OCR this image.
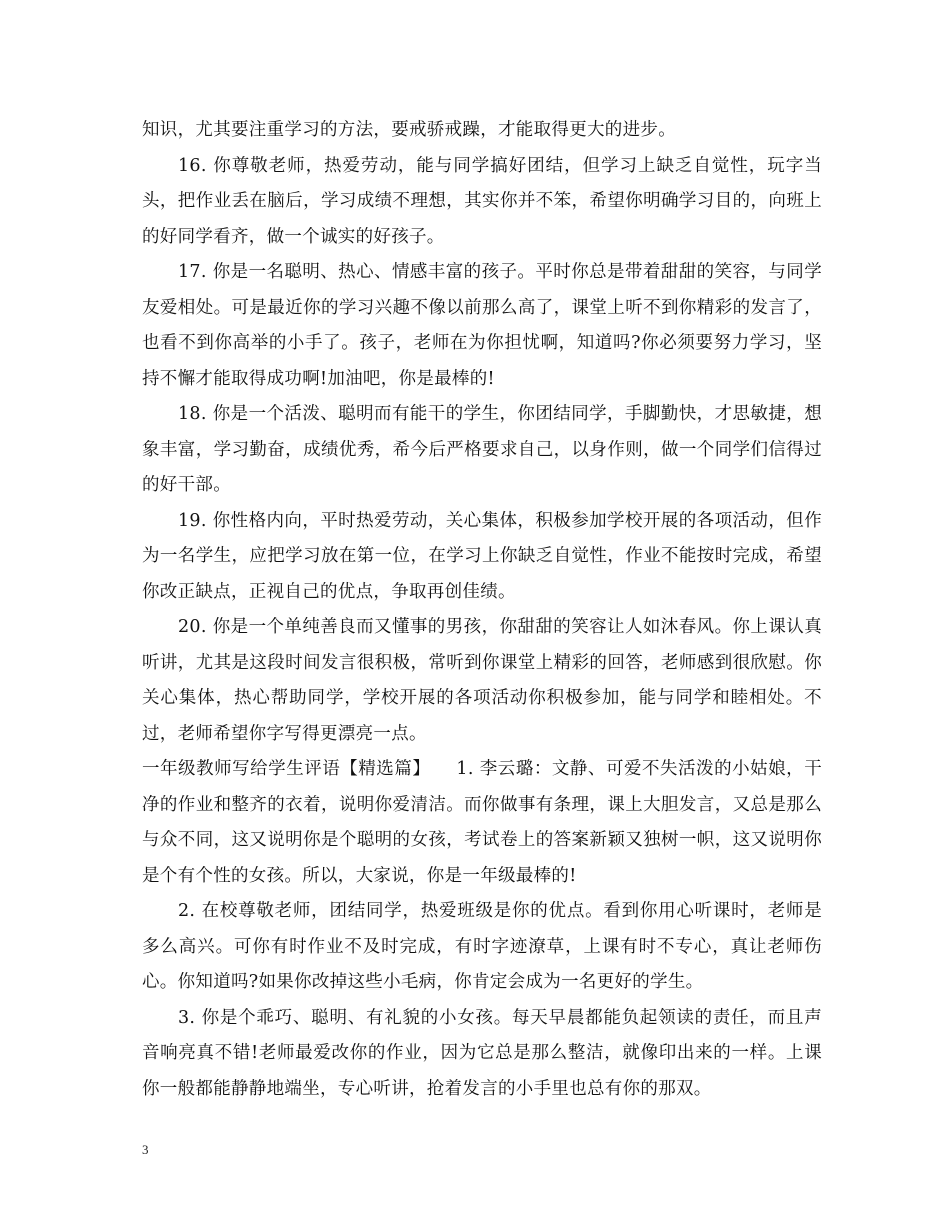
知识，尤其要注重学习的方法，要戒骄戒躁，才能取得更大的进步。

16. 你尊敬老师，热爱劳动，能与同学搞好团结，但学习上缺乏自觉性，玩字当头，把作业丢在脑后，学习成绩不理想，其实你并不笨，希望你明确学习目的，向班上的好同学看齐，做一个诚实的好孩子。

17. 你是一名聪明、热心、情感丰富的孩子。平时你总是带着甜甜的笑容，与同学友爱相处。可是最近你的学习兴趣不像以前那么高了，课堂上听不到你精彩的发言了，也看不到你高举的小手了。孩子，老师在为你担忧啊，知道吗?你必须要努力学习，坚持不懈才能取得成功啊!加油吧，你是最棒的!

18. 你是一个活泼、聪明而有能干的学生，你团结同学，手脚勤快，才思敏捷，想象丰富，学习勤奋，成绩优秀，希今后严格要求自己，以身作则，做一个同学们信得过的好干部。

19. 你性格内向，平时热爱劳动，关心集体，积极参加学校开展的各项活动，但作为一名学生，应把学习放在第一位，在学习上你缺乏自觉性，作业不能按时完成，希望你改正缺点，正视自己的优点，争取再创佳绩。

20. 你是一个单纯善良而又懂事的男孩，你甜甜的笑容让人如沐春风。你上课认真听讲，尤其是这段时间发言很积极，常听到你课堂上精彩的回答，老师感到很欣慰。你关心集体，热心帮助同学，学校开展的各项活动你积极参加，能与同学和睦相处。不过，老师希望你字写得更漂亮一点。

一年级教师写给学生评语【精选篇】 1. 李云璐：文静、可爱不失活泼的小姑娘，干净的作业和整齐的衣着，说明你爱清洁。而你做事有条理，课上大胆发言，又总是那么与众不同，这又说明你是个聪明的女孩，考试卷上的答案新颖又独树一帜，这又说明你是个有个性的女孩。所以，大家说，你是一年级最棒的!

2. 在校尊敬老师，团结同学，热爱班级是你的优点。看到你用心听课时，老师是多么高兴。可你有时作业不及时完成，有时字迹潦草，上课有时不专心，真让老师伤心。你知道吗?如果你改掉这些小毛病，你肯定会成为一名更好的学生。

3. 你是个乖巧、聪明、有礼貌的小女孩。每天早晨都能负起领读的责任，而且声音响亮真不错!老师最爱改你的作业，因为它总是那么整洁，就像印出来的一样。上课你一般都能静静地端坐，专心听讲，抢着发言的小手里也总有你的那双。

3
